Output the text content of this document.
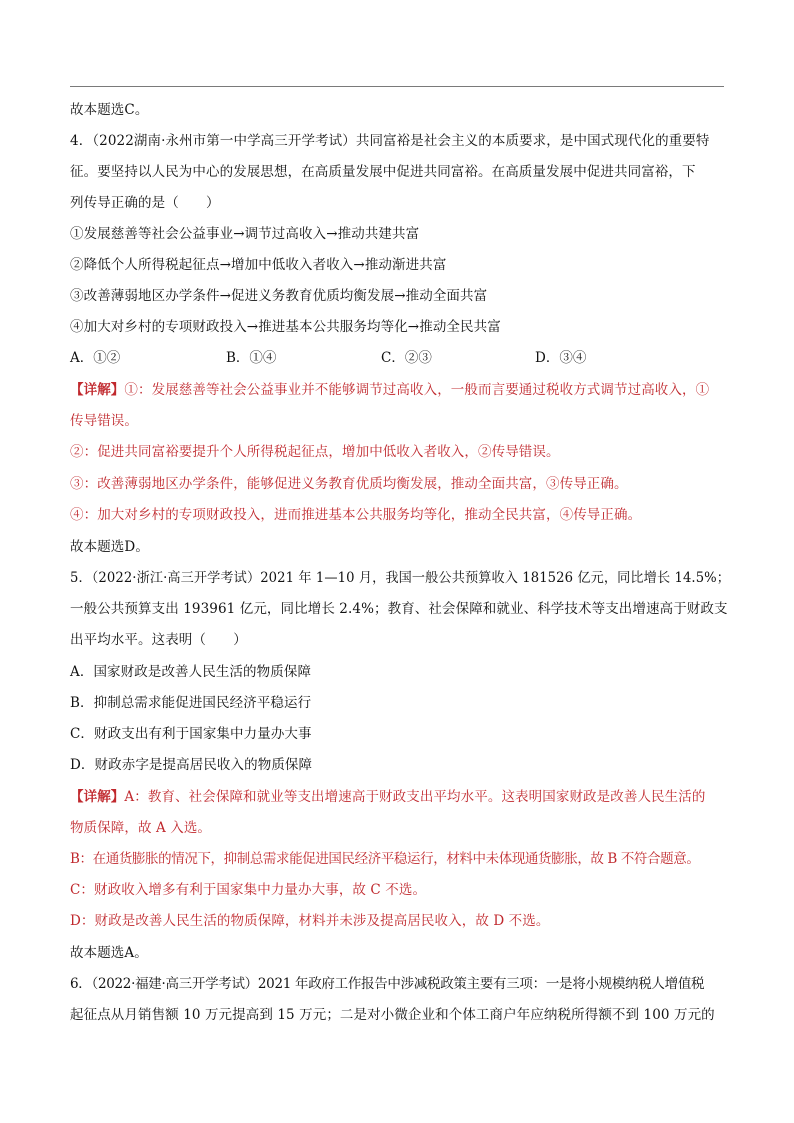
故本题选C。
4．（2022湖南·永州市第一中学高三开学考试）共同富裕是社会主义的本质要求，是中国式现代化的重要特
征。要坚持以人民为中心的发展思想，在高质量发展中促进共同富裕。在高质量发展中促进共同富裕，下
列传导正确的是（　　）
①发展慈善等社会公益事业→调节过高收入→推动共建共富
②降低个人所得税起征点→增加中低收入者收入→推动渐进共富
③改善薄弱地区办学条件→促进义务教育优质均衡发展→推动全面共富
④加大对乡村的专项财政投入→推进基本公共服务均等化→推动全民共富
A．①②	B．①④	C．②③	D．③④
【详解】①：发展慈善等社会公益事业并不能够调节过高收入，一般而言要通过税收方式调节过高收入，①
传导错误。
②：促进共同富裕要提升个人所得税起征点，增加中低收入者收入，②传导错误。
③：改善薄弱地区办学条件，能够促进义务教育优质均衡发展，推动全面共富，③传导正确。
④：加大对乡村的专项财政投入，进而推进基本公共服务均等化，推动全民共富，④传导正确。
故本题选D。
5．（2022·浙江·高三开学考试）2021 年 1—10 月，我国一般公共预算收入 181526 亿元，同比增长 14.5%；
一般公共预算支出 193961 亿元，同比增长 2.4%；教育、社会保障和就业、科学技术等支出增速高于财政支
出平均水平。这表明（　　）
A．国家财政是改善人民生活的物质保障
B．抑制总需求能促进国民经济平稳运行
C．财政支出有利于国家集中力量办大事
D．财政赤字是提高居民收入的物质保障
【详解】A：教育、社会保障和就业等支出增速高于财政支出平均水平。这表明国家财政是改善人民生活的
物质保障，故 A 入选。
B：在通货膨胀的情况下，抑制总需求能促进国民经济平稳运行，材料中未体现通货膨胀，故 B 不符合题意。
C：财政收入增多有利于国家集中力量办大事，故 C 不选。
D：财政是改善人民生活的物质保障，材料并未涉及提高居民收入，故 D 不选。
故本题选A。
6．（2022·福建·高三开学考试）2021 年政府工作报告中涉减税政策主要有三项：一是将小规模纳税人增值税
起征点从月销售额 10 万元提高到 15 万元；二是对小微企业和个体工商户年应纳税所得额不到 100 万元的
